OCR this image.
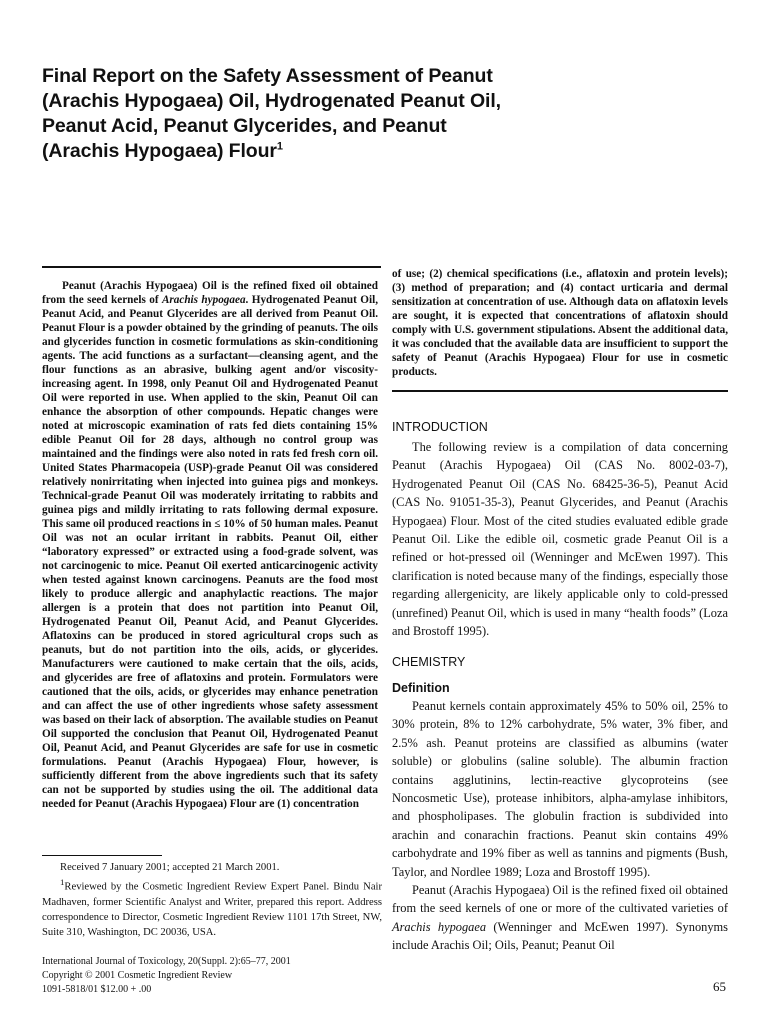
Final Report on the Safety Assessment of Peanut
(Arachis Hypogaea) Oil, Hydrogenated Peanut Oil,
Peanut Acid, Peanut Glycerides, and Peanut
(Arachis Hypogaea) Flour$^1$

Peanut (Arachis Hypogaea) Oil is the refined fixed oil obtained from the seed kernels of Arachis hypogaea. Hydrogenated Peanut Oil, Peanut Acid, and Peanut Glycerides are all derived from Peanut Oil. Peanut Flour is a powder obtained by the grinding of peanuts. The oils and glycerides function in cosmetic formulations as skin-conditioning agents. The acid functions as a surfactant—cleansing agent, and the flour functions as an abrasive, bulking agent and/or viscosity-increasing agent. In 1998, only Peanut Oil and Hydrogenated Peanut Oil were reported in use. When applied to the skin, Peanut Oil can enhance the absorption of other compounds. Hepatic changes were noted at microscopic examination of rats fed diets containing 15% edible Peanut Oil for 28 days, although no control group was maintained and the findings were also noted in rats fed fresh corn oil. United States Pharmacopeia (USP)-grade Peanut Oil was considered relatively nonirritating when injected into guinea pigs and monkeys. Technical-grade Peanut Oil was moderately irritating to rabbits and guinea pigs and mildly irritating to rats following dermal exposure. This same oil produced reactions in ≤ 10% of 50 human males. Peanut Oil was not an ocular irritant in rabbits. Peanut Oil, either “laboratory expressed” or extracted using a food-grade solvent, was not carcinogenic to mice. Peanut Oil exerted anticarcinogenic activity when tested against known carcinogens. Peanuts are the food most likely to produce allergic and anaphylactic reactions. The major allergen is a protein that does not partition into Peanut Oil, Hydrogenated Peanut Oil, Peanut Acid, and Peanut Glycerides. Aflatoxins can be produced in stored agricultural crops such as peanuts, but do not partition into the oils, acids, or glycerides. Manufacturers were cautioned to make certain that the oils, acids, and glycerides are free of aflatoxins and protein. Formulators were cautioned that the oils, acids, or glycerides may enhance penetration and can affect the use of other ingredients whose safety assessment was based on their lack of absorption. The available studies on Peanut Oil supported the conclusion that Peanut Oil, Hydrogenated Peanut Oil, Peanut Acid, and Peanut Glycerides are safe for use in cosmetic formulations. Peanut (Arachis Hypogaea) Flour, however, is sufficiently different from the above ingredients such that its safety can not be supported by studies using the oil. The additional data needed for Peanut (Arachis Hypogaea) Flour are (1) concentration

of use; (2) chemical specifications (i.e., aflatoxin and protein levels); (3) method of preparation; and (4) contact urticaria and dermal sensitization at concentration of use. Although data on aflatoxin levels are sought, it is expected that concentrations of aflatoxin should comply with U.S. government stipulations. Absent the additional data, it was concluded that the available data are insufficient to support the safety of Peanut (Arachis Hypogaea) Flour for use in cosmetic products.

INTRODUCTION

The following review is a compilation of data concerning Peanut (Arachis Hypogaea) Oil (CAS No. 8002-03-7), Hydrogenated Peanut Oil (CAS No. 68425-36-5), Peanut Acid (CAS No. 91051-35-3), Peanut Glycerides, and Peanut (Arachis Hypogaea) Flour. Most of the cited studies evaluated edible grade Peanut Oil. Like the edible oil, cosmetic grade Peanut Oil is a refined or hot-pressed oil (Wenninger and McEwen 1997). This clarification is noted because many of the findings, especially those regarding allergenicity, are likely applicable only to cold-pressed (unrefined) Peanut Oil, which is used in many “health foods” (Loza and Brostoff 1995).

CHEMISTRY
Definition

Peanut kernels contain approximately 45% to 50% oil, 25% to 30% protein, 8% to 12% carbohydrate, 5% water, 3% fiber, and 2.5% ash. Peanut proteins are classified as albumins (water soluble) or globulins (saline soluble). The albumin fraction contains agglutinins, lectin-reactive glycoproteins (see Noncosmetic Use), protease inhibitors, alpha-amylase inhibitors, and phospholipases. The globulin fraction is subdivided into arachin and conarachin fractions. Peanut skin contains 49% carbohydrate and 19% fiber as well as tannins and pigments (Bush, Taylor, and Nordlee 1989; Loza and Brostoff 1995).

Peanut (Arachis Hypogaea) Oil is the refined fixed oil obtained from the seed kernels of one or more of the cultivated varieties of Arachis hypogaea (Wenninger and McEwen 1997). Synonyms include Arachis Oil; Oils, Peanut; Peanut Oil

Received 7 January 2001; accepted 21 March 2001.

$^1$Reviewed by the Cosmetic Ingredient Review Expert Panel. Bindu Nair Madhaven, former Scientific Analyst and Writer, prepared this report. Address correspondence to Director, Cosmetic Ingredient Review 1101 17th Street, NW, Suite 310, Washington, DC 20036, USA.

International Journal of Toxicology, 20(Suppl. 2):65–77, 2001
Copyright © 2001 Cosmetic Ingredient Review
1091-5818/01 $12.00 + .00	65
